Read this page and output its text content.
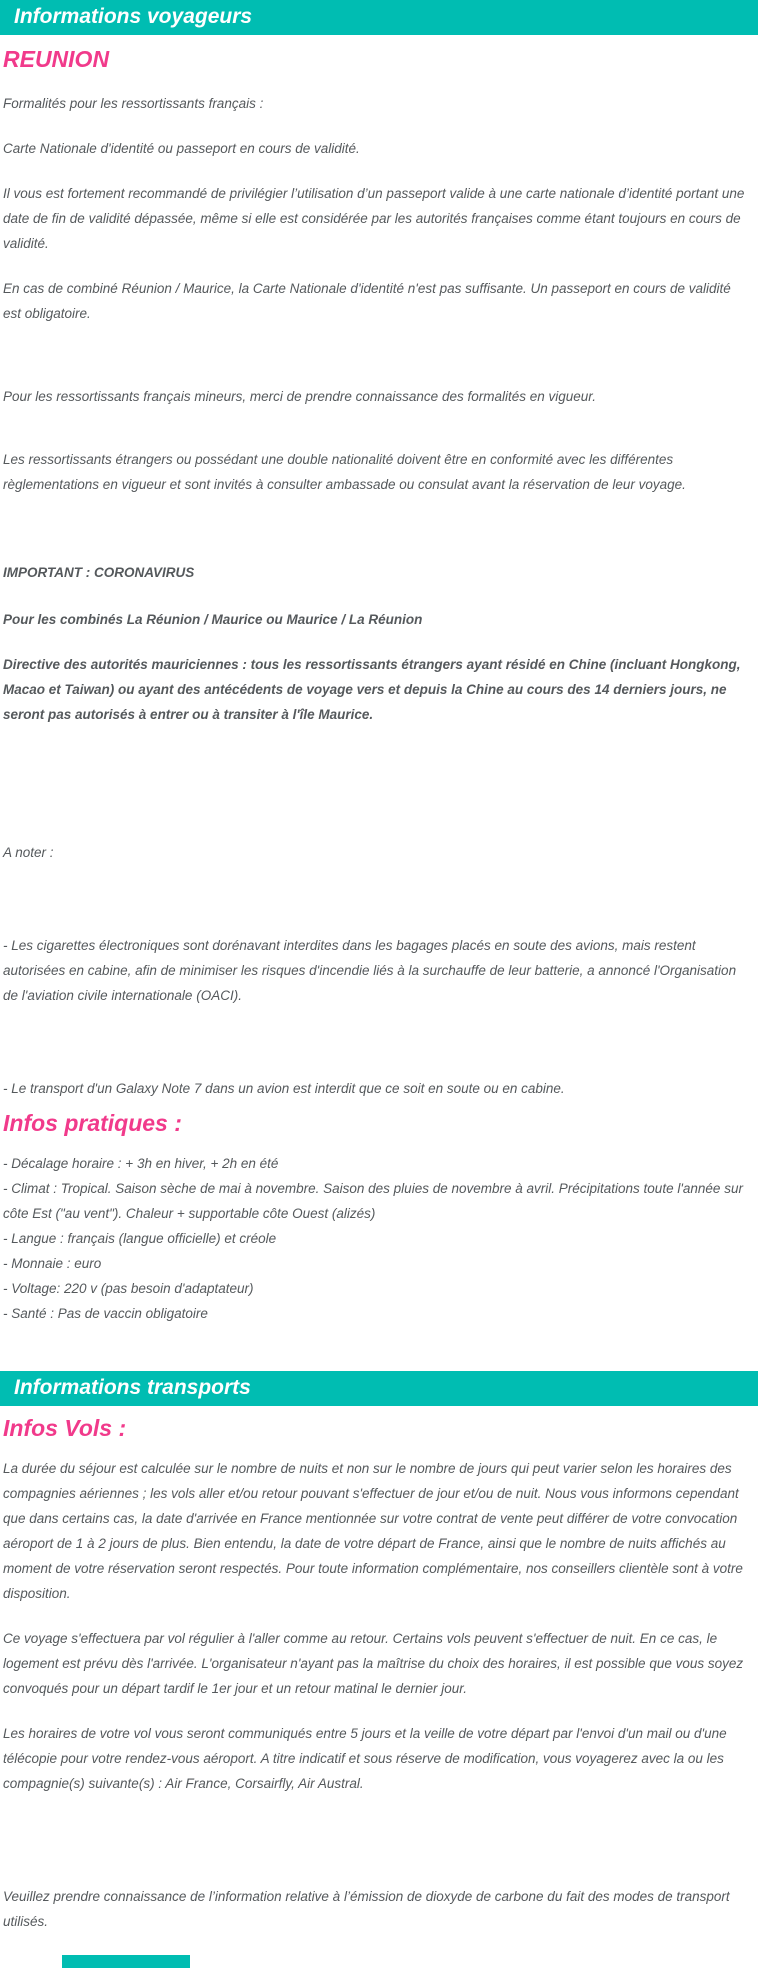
Informations voyageurs
REUNION

Formalités pour les ressortissants français :

Carte Nationale d'identité ou passeport en cours de validité.

Il vous est fortement recommandé de privilégier l’utilisation d’un passeport valide à une carte nationale d’identité portant une date de fin de validité dépassée, même si elle est considérée par les autorités françaises comme étant toujours en cours de validité.

En cas de combiné Réunion / Maurice, la Carte Nationale d'identité n'est pas suffisante. Un passeport en cours de validité est obligatoire.

Pour les ressortissants français mineurs, merci de prendre connaissance des formalités en vigueur.

Les ressortissants étrangers ou possédant une double nationalité doivent être en conformité avec les différentes règlementations en vigueur et sont invités à consulter ambassade ou consulat avant la réservation de leur voyage.

IMPORTANT : CORONAVIRUS

Pour les combinés La Réunion / Maurice ou Maurice / La Réunion

Directive des autorités mauriciennes : tous les ressortissants étrangers ayant résidé en Chine (incluant Hongkong, Macao et Taiwan) ou ayant des antécédents de voyage vers et depuis la Chine au cours des 14 derniers jours, ne seront pas autorisés à entrer ou à transiter à l'île Maurice.

A noter :

- Les cigarettes électroniques sont dorénavant interdites dans les bagages placés en soute des avions, mais restent autorisées en cabine, afin de minimiser les risques d'incendie liés à la surchauffe de leur batterie, a annoncé l'Organisation de l'aviation civile internationale (OACI).

- Le transport d'un Galaxy Note 7 dans un avion est interdit que ce soit en soute ou en cabine.

Infos pratiques :
- Décalage horaire : + 3h en hiver, + 2h en été
- Climat : Tropical. Saison sèche de mai à novembre. Saison des pluies de novembre à avril. Précipitations toute l'année sur côte Est ("au vent"). Chaleur + supportable côte Ouest (alizés)
- Langue : français (langue officielle) et créole
- Monnaie : euro
- Voltage: 220 v (pas besoin d'adaptateur)
- Santé : Pas de vaccin obligatoire
Informations transports
Infos Vols :

La durée du séjour est calculée sur le nombre de nuits et non sur le nombre de jours qui peut varier selon les horaires des compagnies aériennes ; les vols aller et/ou retour pouvant s'effectuer de jour et/ou de nuit. Nous vous informons cependant que dans certains cas, la date d'arrivée en France mentionnée sur votre contrat de vente peut différer de votre convocation aéroport de 1 à 2 jours de plus. Bien entendu, la date de votre départ de France, ainsi que le nombre de nuits affichés au moment de votre réservation seront respectés. Pour toute information complémentaire, nos conseillers clientèle sont à votre disposition.

Ce voyage s'effectuera par vol régulier à l'aller comme au retour. Certains vols peuvent s'effectuer de nuit. En ce cas, le logement est prévu dès l'arrivée. L'organisateur n'ayant pas la maîtrise du choix des horaires, il est possible que vous soyez convoqués pour un départ tardif le 1er jour et un retour matinal le dernier jour.

Les horaires de votre vol vous seront communiqués entre 5 jours et la veille de votre départ par l'envoi d'un mail ou d'une télécopie pour votre rendez-vous aéroport. A titre indicatif et sous réserve de modification, vous voyagerez avec la ou les compagnie(s) suivante(s) : Air France, Corsairfly, Air Austral.

Veuillez prendre connaissance de l’information relative à l’émission de dioxyde de carbone du fait des modes de transport utilisés.
